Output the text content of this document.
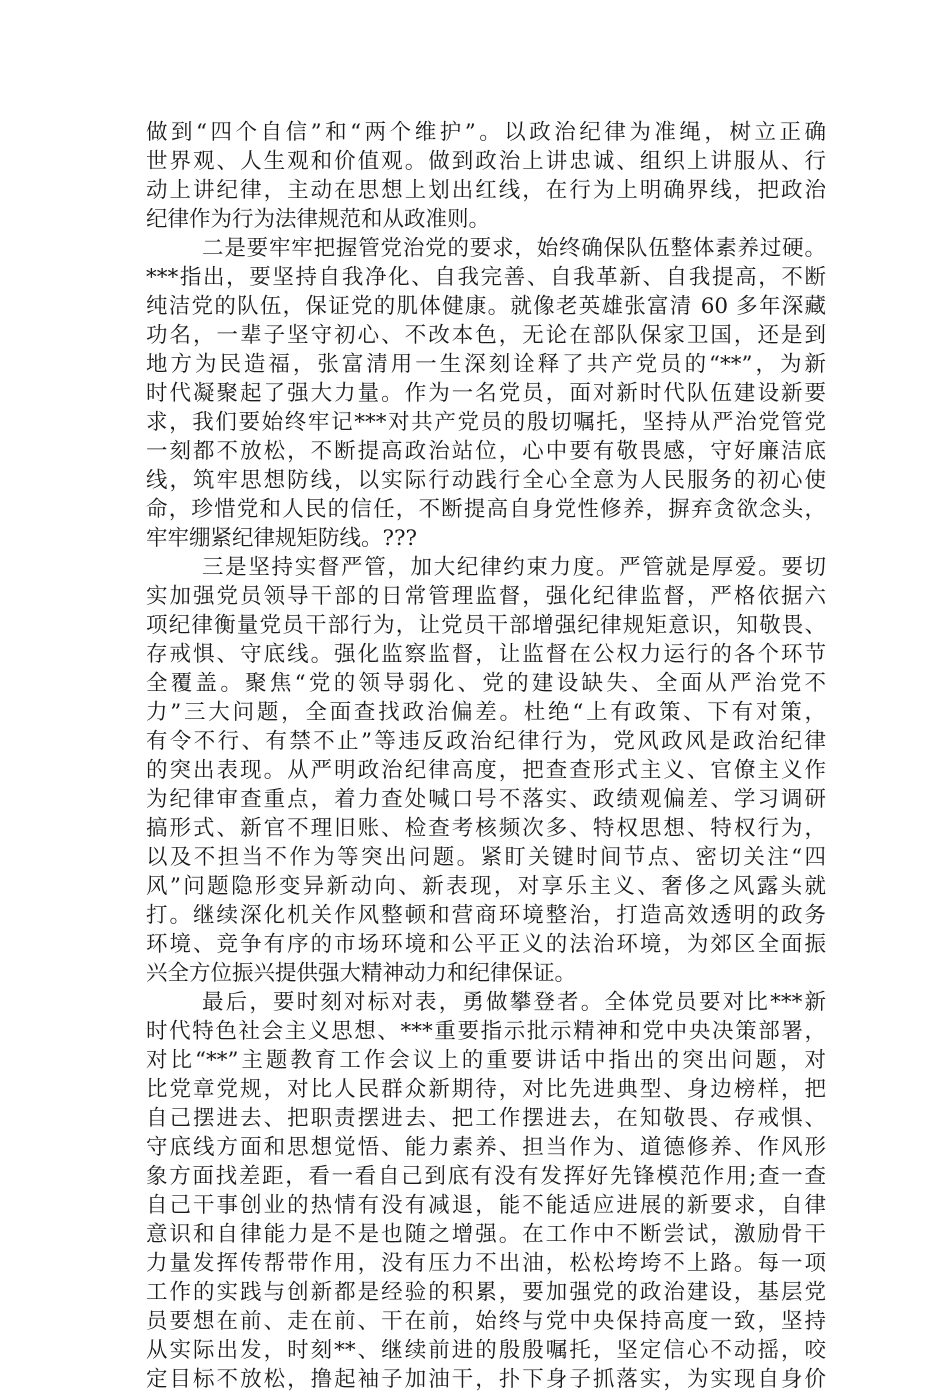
做到“四个自信”和“两个维护”。以政治纪律为准绳，树立正确
世界观、人生观和价值观。做到政治上讲忠诚、组织上讲服从、行
动上讲纪律，主动在思想上划出红线，在行为上明确界线，把政治
纪律作为行为法律规范和从政准则。
二是要牢牢把握管党治党的要求，始终确保队伍整体素养过硬。
***指出，要坚持自我净化、自我完善、自我革新、自我提高，不断
纯洁党的队伍，保证党的肌体健康。就像老英雄张富清 60 多年深藏
功名，一辈子坚守初心、不改本色，无论在部队保家卫国，还是到
地方为民造福，张富清用一生深刻诠释了共产党员的“**”，为新
时代凝聚起了强大力量。作为一名党员，面对新时代队伍建设新要
求，我们要始终牢记***对共产党员的殷切嘱托，坚持从严治党管党
一刻都不放松，不断提高政治站位，心中要有敬畏感，守好廉洁底
线，筑牢思想防线，以实际行动践行全心全意为人民服务的初心使
命，珍惜党和人民的信任，不断提高自身党性修养，摒弃贪欲念头，
牢牢绷紧纪律规矩防线。???
三是坚持实督严管，加大纪律约束力度。严管就是厚爱。要切
实加强党员领导干部的日常管理监督，强化纪律监督，严格依据六
项纪律衡量党员干部行为，让党员干部增强纪律规矩意识，知敬畏、
存戒惧、守底线。强化监察监督，让监督在公权力运行的各个环节
全覆盖。聚焦“党的领导弱化、党的建设缺失、全面从严治党不
力”三大问题，全面查找政治偏差。杜绝“上有政策、下有对策，
有令不行、有禁不止”等违反政治纪律行为，党风政风是政治纪律
的突出表现。从严明政治纪律高度，把查查形式主义、官僚主义作
为纪律审查重点，着力查处喊口号不落实、政绩观偏差、学习调研
搞形式、新官不理旧账、检查考核频次多、特权思想、特权行为，
以及不担当不作为等突出问题。紧盯关键时间节点、密切关注“四
风”问题隐形变异新动向、新表现，对享乐主义、奢侈之风露头就
打。继续深化机关作风整顿和营商环境整治，打造高效透明的政务
环境、竞争有序的市场环境和公平正义的法治环境，为郊区全面振
兴全方位振兴提供强大精神动力和纪律保证。
最后，要时刻对标对表，勇做攀登者。全体党员要对比***新
时代特色社会主义思想、***重要指示批示精神和党中央决策部署，
对比“**”主题教育工作会议上的重要讲话中指出的突出问题，对
比党章党规，对比人民群众新期待，对比先进典型、身边榜样，把
自己摆进去、把职责摆进去、把工作摆进去，在知敬畏、存戒惧、
守底线方面和思想觉悟、能力素养、担当作为、道德修养、作风形
象方面找差距，看一看自己到底有没有发挥好先锋模范作用;查一查
自己干事创业的热情有没有减退，能不能适应进展的新要求，自律
意识和自律能力是不是也随之增强。在工作中不断尝试，激励骨干
力量发挥传帮带作用，没有压力不出油，松松垮垮不上路。每一项
工作的实践与创新都是经验的积累，要加强党的政治建设，基层党
员要想在前、走在前、干在前，始终与党中央保持高度一致，坚持
从实际出发，时刻**、继续前进的殷殷嘱托，坚定信心不动摇，咬
定目标不放松，撸起袖子加油干，扑下身子抓落实，为实现自身价
